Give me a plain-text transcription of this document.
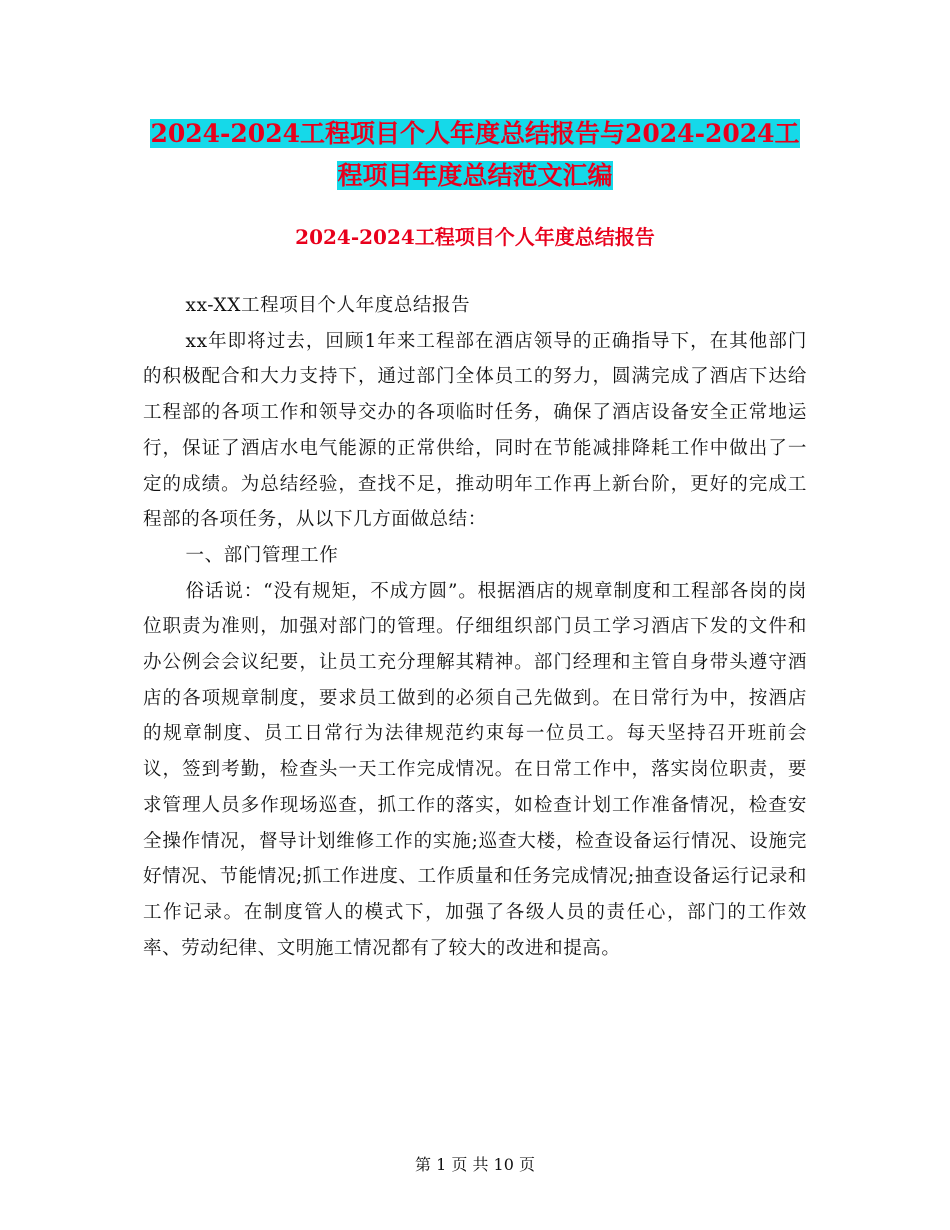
2024-2024工程项目个人年度总结报告与2024-2024工
程项目年度总结范文汇编
2024-2024工程项目个人年度总结报告

xx-XX工程项目个人年度总结报告

xx年即将过去，回顾1年来工程部在酒店领导的正确指导下，在其他部门的积极配合和大力支持下，通过部门全体员工的努力，圆满完成了酒店下达给工程部的各项工作和领导交办的各项临时任务，确保了酒店设备安全正常地运行，保证了酒店水电气能源的正常供给，同时在节能减排降耗工作中做出了一定的成绩。为总结经验，查找不足，推动明年工作再上新台阶，更好的完成工程部的各项任务，从以下几方面做总结：

一、部门管理工作

俗话说：“没有规矩，不成方圆”。根据酒店的规章制度和工程部各岗的岗位职责为准则，加强对部门的管理。仔细组织部门员工学习酒店下发的文件和办公例会会议纪要，让员工充分理解其精神。部门经理和主管自身带头遵守酒店的各项规章制度，要求员工做到的必须自己先做到。在日常行为中，按酒店的规章制度、员工日常行为法律规范约束每一位员工。每天坚持召开班前会议，签到考勤，检查头一天工作完成情况。在日常工作中，落实岗位职责，要求管理人员多作现场巡查，抓工作的落实，如检查计划工作准备情况，检查安全操作情况，督导计划维修工作的实施;巡查大楼，检查设备运行情况、设施完好情况、节能情况;抓工作进度、工作质量和任务完成情况;抽查设备运行记录和工作记录。在制度管人的模式下，加强了各级人员的责任心，部门的工作效率、劳动纪律、文明施工情况都有了较大的改进和提高。

第 1 页 共 10 页
